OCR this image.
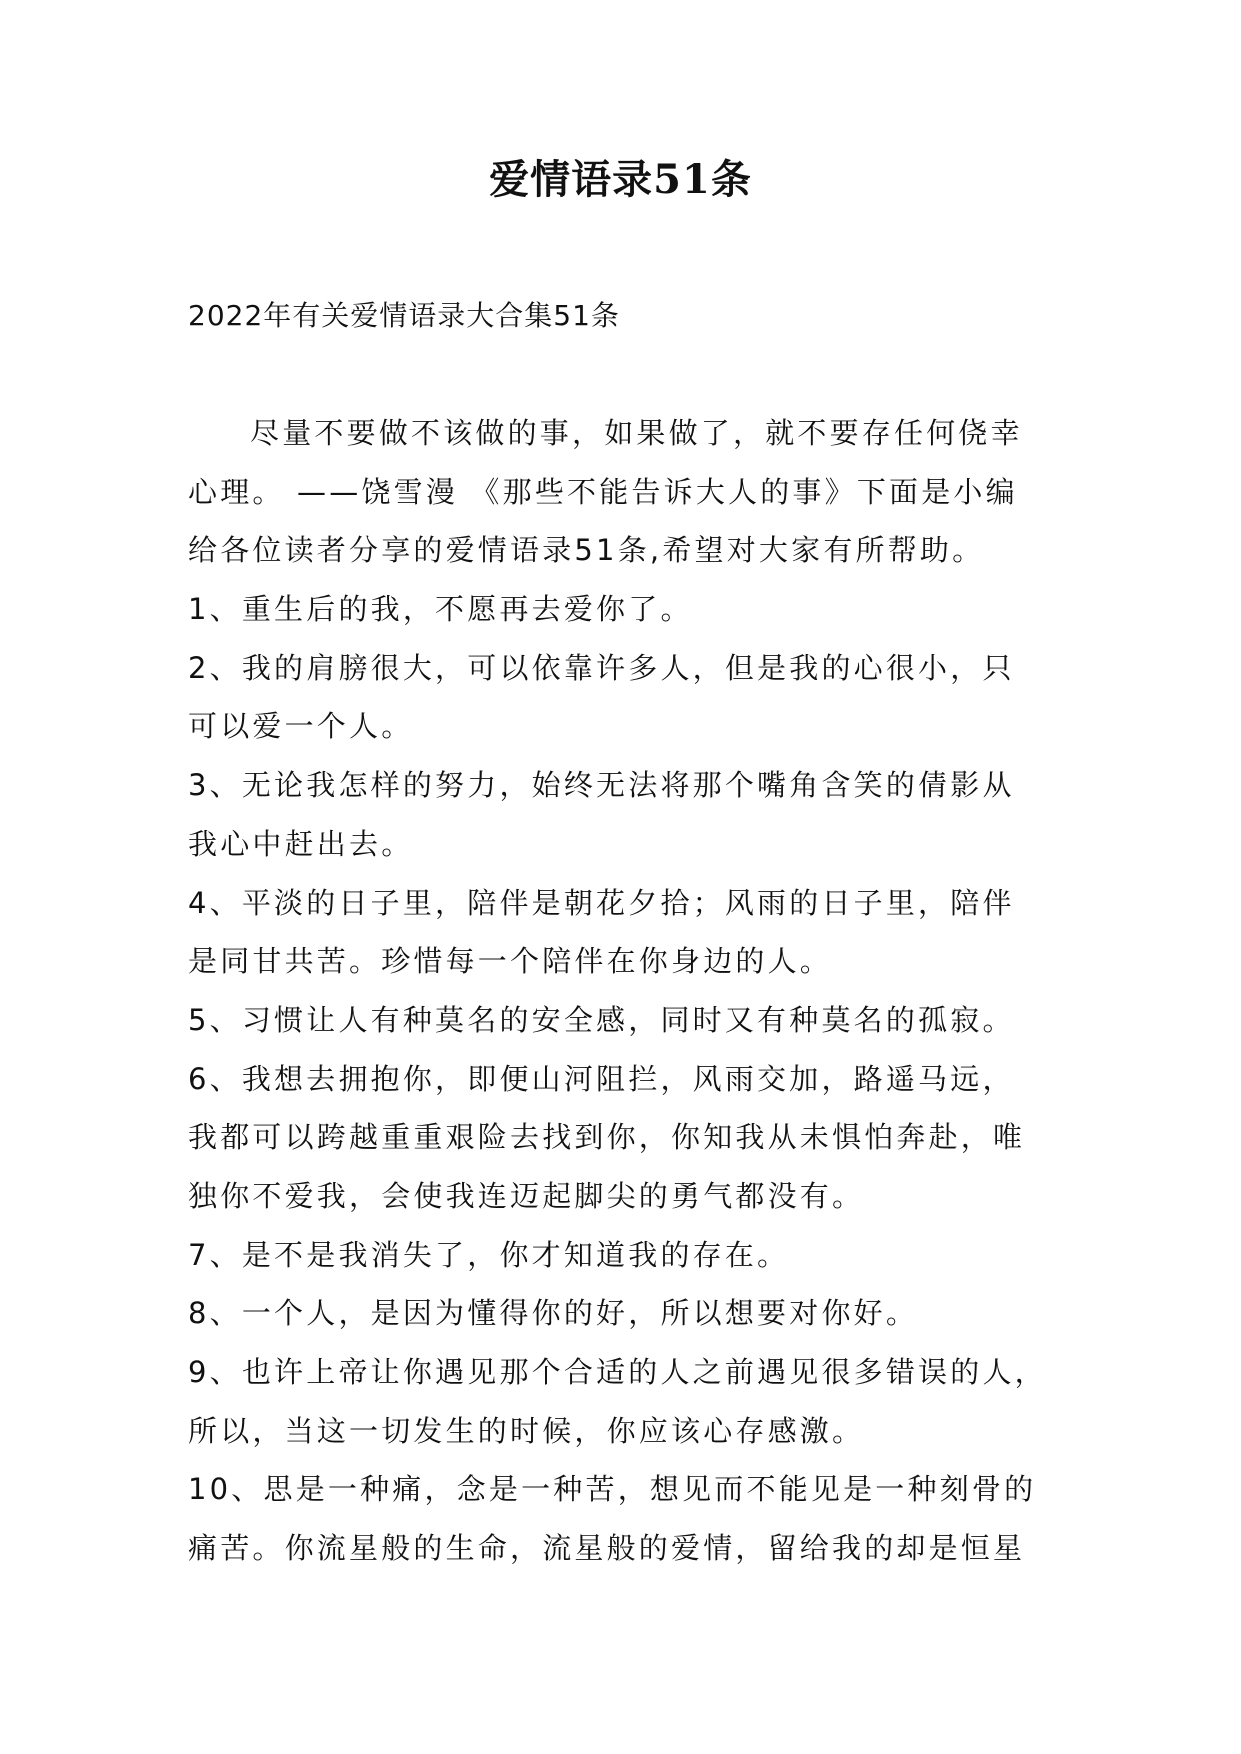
爱情语录51条
2022年有关爱情语录大合集51条
尽量不要做不该做的事，如果做了，就不要存任何侥幸
心理。 ——饶雪漫 《那些不能告诉大人的事》下面是小编
给各位读者分享的爱情语录51条,希望对大家有所帮助。
1、重生后的我，不愿再去爱你了。
2、我的肩膀很大，可以依靠许多人，但是我的心很小，只
可以爱一个人。
3、无论我怎样的努力，始终无法将那个嘴角含笑的倩影从
我心中赶出去。
4、平淡的日子里，陪伴是朝花夕拾；风雨的日子里，陪伴
是同甘共苦。珍惜每一个陪伴在你身边的人。
5、习惯让人有种莫名的安全感，同时又有种莫名的孤寂。
6、我想去拥抱你，即便山河阻拦，风雨交加，路遥马远，
我都可以跨越重重艰险去找到你，你知我从未惧怕奔赴，唯
独你不爱我，会使我连迈起脚尖的勇气都没有。
7、是不是我消失了，你才知道我的存在。
8、一个人，是因为懂得你的好，所以想要对你好。
9、也许上帝让你遇见那个合适的人之前遇见很多错误的人，
所以，当这一切发生的时候，你应该心存感激。
10、思是一种痛，念是一种苦，想见而不能见是一种刻骨的
痛苦。你流星般的生命，流星般的爱情，留给我的却是恒星
